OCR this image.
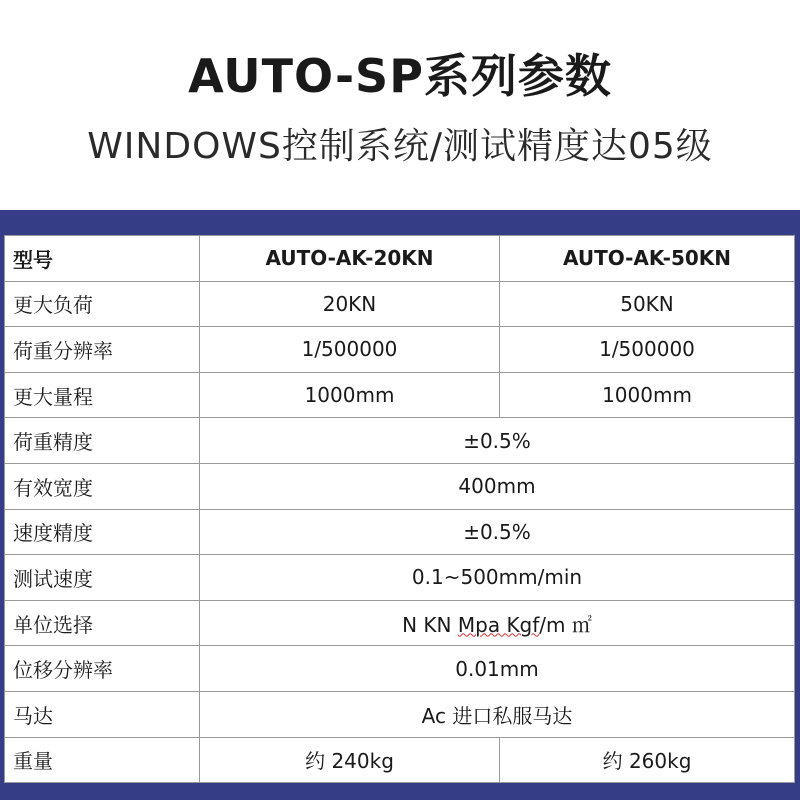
AUTO-SP系列参数
WINDOWS控制系统/测试精度达05级
型号	AUTO-AK-20KN	AUTO-AK-50KN
更大负荷	20KN	50KN
荷重分辨率	1/500000	1/500000
更大量程	1000mm	1000mm
荷重精度	±0.5%	
有效宽度	400mm	
速度精度	±0.5%	
测试速度	0.1~500mm/min	
单位选择	N KN Mpa Kgf/m ㎡	
位移分辨率	0.01mm	
马达	Ac 进口私服马达	
重量	约 240kg	约 260kg
